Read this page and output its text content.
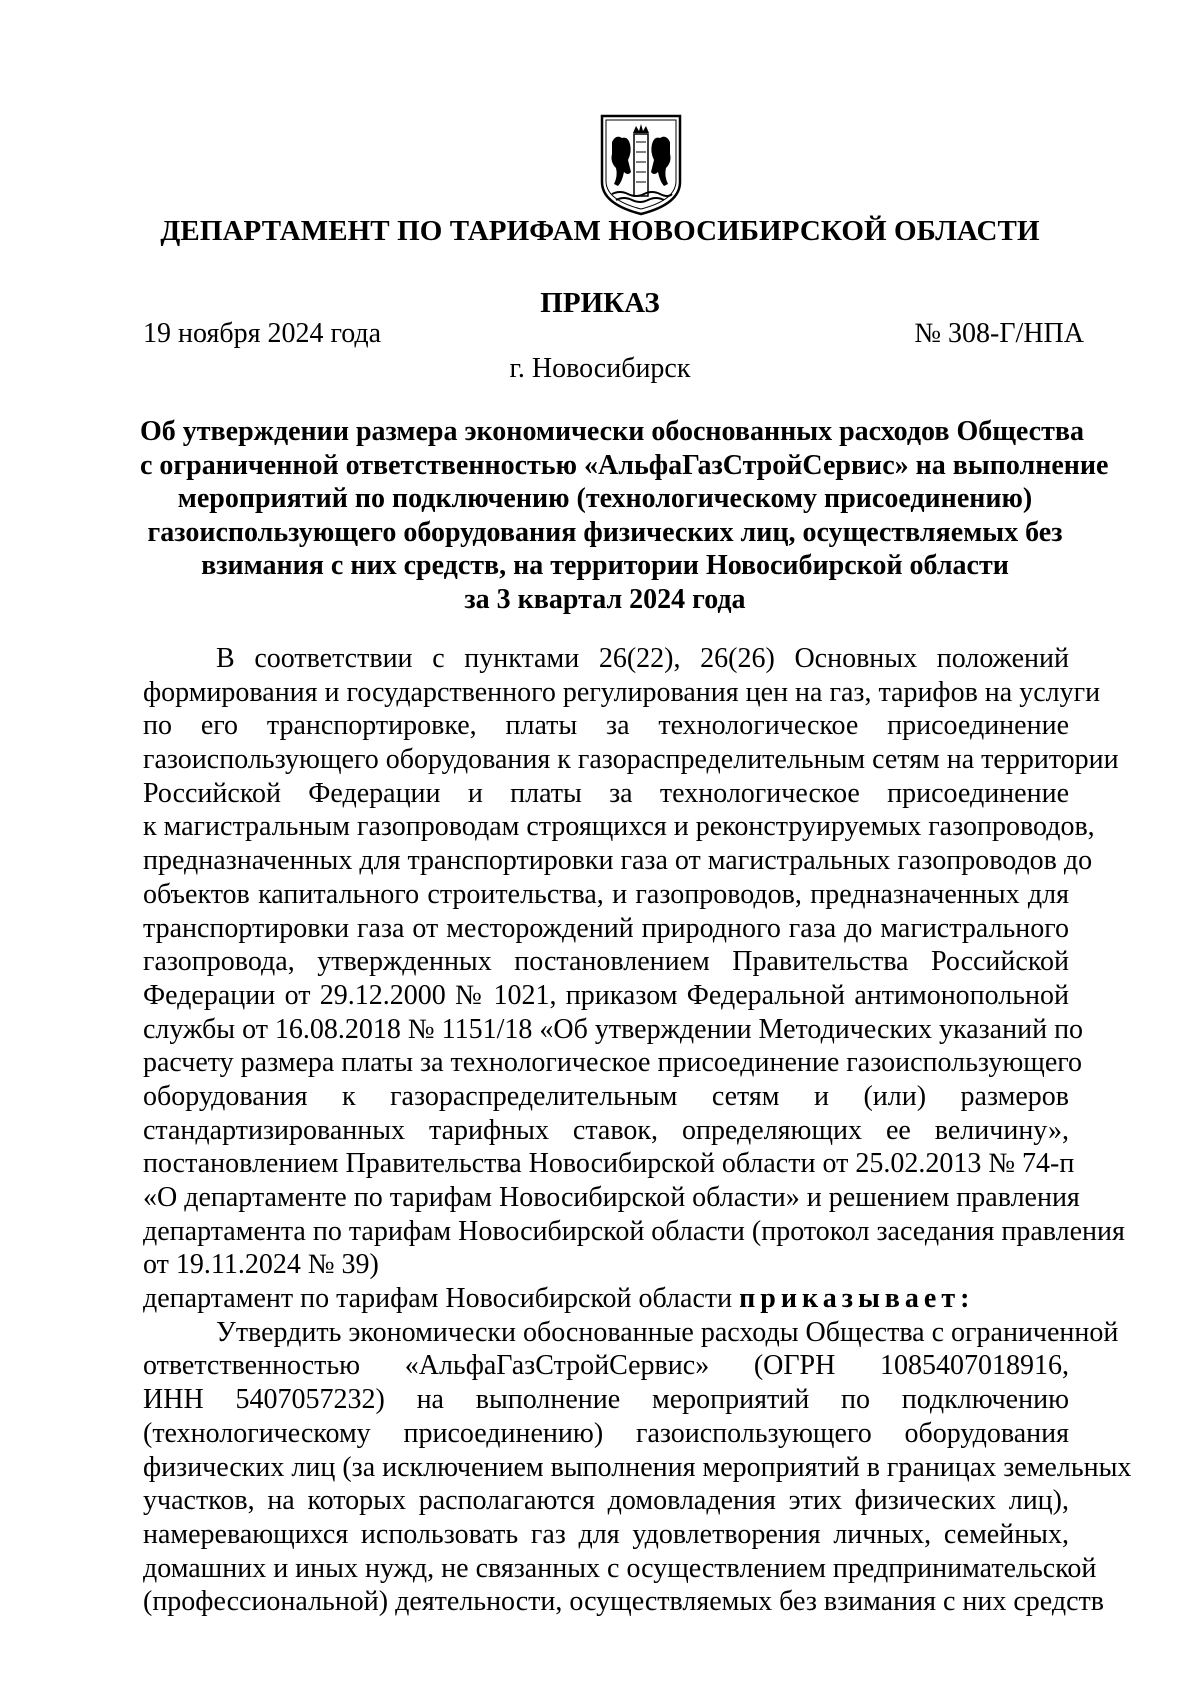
ДЕПАРТАМЕНТ ПО ТАРИФАМ НОВОСИБИРСКОЙ ОБЛАСТИ
ПРИКАЗ
19 ноября 2024 года	№ 308-Г/НПА
г. Новосибирск
Об утверждении размера экономически обоснованных расходов Общества
с ограниченной ответственностью «АльфаГазСтройСервис» на выполнение
мероприятий по подключению (технологическому присоединению)
газоиспользующего оборудования физических лиц, осуществляемых без
взимания с них средств, на территории Новосибирской области
за 3 квартал 2024 года
В соответствии с пунктами 26(22), 26(26) Основных положений
формирования и государственного регулирования цен на газ, тарифов на услуги
по его транспортировке, платы за технологическое присоединение
газоиспользующего оборудования к газораспределительным сетям на территории
Российской Федерации и платы за технологическое присоединение
к магистральным газопроводам строящихся и реконструируемых газопроводов,
предназначенных для транспортировки газа от магистральных газопроводов до
объектов капитального строительства, и газопроводов, предназначенных для
транспортировки газа от месторождений природного газа до магистрального
газопровода, утвержденных постановлением Правительства Российской
Федерации от 29.12.2000 № 1021, приказом Федеральной антимонопольной
службы от 16.08.2018 № 1151/18 «Об утверждении Методических указаний по
расчету размера платы за технологическое присоединение газоиспользующего
оборудования к газораспределительным сетям и (или) размеров
стандартизированных тарифных ставок, определяющих ее величину»,
постановлением Правительства Новосибирской области от 25.02.2013 № 74-п
«О департаменте по тарифам Новосибирской области» и решением правления
департамента по тарифам Новосибирской области (протокол заседания правления
от 19.11.2024 № 39)
департамент по тарифам Новосибирской области приказывает:
Утвердить экономически обоснованные расходы Общества с ограниченной
ответственностью «АльфаГазСтройСервис» (ОГРН 1085407018916,
ИНН 5407057232) на выполнение мероприятий по подключению
(технологическому присоединению) газоиспользующего оборудования
физических лиц (за исключением выполнения мероприятий в границах земельных
участков, на которых располагаются домовладения этих физических лиц),
намеревающихся использовать газ для удовлетворения личных, семейных,
домашних и иных нужд, не связанных с осуществлением предпринимательской
(профессиональной) деятельности, осуществляемых без взимания с них средств
